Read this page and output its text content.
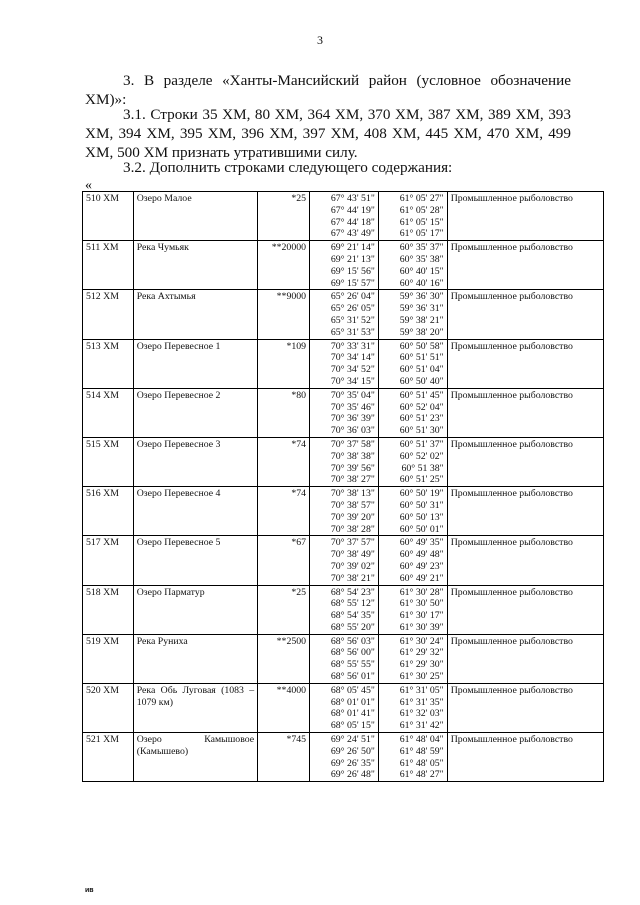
3
3. В разделе «Ханты-Мансийский район (условное обозначение ХМ)»:
3.1. Строки 35 ХМ, 80 ХМ, 364 ХМ, 370 ХМ, 387 ХМ, 389 ХМ, 393 ХМ, 394 ХМ, 395 ХМ, 396 ХМ, 397 ХМ, 408 ХМ, 445 ХМ, 470 ХМ, 499 ХМ, 500 ХМ признать утратившими силу.
3.2. Дополнить строками следующего содержания:
«
510 ХМ	Озеро Малое	*25	67° 43' 51"
67° 44' 19"
67° 44' 18"
67° 43' 49"	61° 05' 27"
61° 05' 28"
61° 05' 15"
61° 05' 17"	Промышленное рыболовство
511 ХМ	Река Чумьяк	**20000	69° 21' 14"
69° 21' 13"
69° 15' 56"
69° 15' 57"	60° 35' 37"
60° 35' 38"
60° 40' 15"
60° 40' 16"	Промышленное рыболовство
512 ХМ	Река Ахтымья	**9000	65° 26' 04"
65° 26' 05"
65° 31' 52"
65° 31' 53"	59° 36' 30"
59° 36' 31"
59° 38' 21"
59° 38' 20"	Промышленное рыболовство
513 ХМ	Озеро Перевесное 1	*109	70° 33' 31"
70° 34' 14"
70° 34' 52"
70° 34' 15"	60° 50' 58"
60° 51' 51"
60° 51' 04"
60° 50' 40"	Промышленное рыболовство
514 ХМ	Озеро Перевесное 2	*80	70° 35' 04"
70° 35' 46"
70° 36' 39"
70° 36' 03"	60° 51' 45"
60° 52' 04"
60° 51' 23"
60° 51' 30"	Промышленное рыболовство
515 ХМ	Озеро Перевесное 3	*74	70° 37' 58"
70° 38' 38"
70° 39' 56"
70° 38' 27"	60° 51' 37"
60° 52' 02"
60° 51 38"
60° 51' 25"	Промышленное рыболовство
516 ХМ	Озеро Перевесное 4	*74	70° 38' 13"
70° 38' 57"
70° 39' 20"
70° 38' 28"	60° 50' 19"
60° 50' 31"
60° 50' 13"
60° 50' 01"	Промышленное рыболовство
517 ХМ	Озеро Перевесное 5	*67	70° 37' 57"
70° 38' 49"
70° 39' 02"
70° 38' 21"	60° 49' 35"
60° 49' 48"
60° 49' 23"
60° 49' 21"	Промышленное рыболовство
518 ХМ	Озеро Парматур	*25	68° 54' 23"
68° 55' 12"
68° 54' 35"
68° 55' 20"	61° 30' 28"
61° 30' 50"
61° 30' 17"
61° 30' 39"	Промышленное рыболовство
519 ХМ	Река Руниха	**2500	68° 56' 03"
68° 56' 00"
68° 55' 55"
68° 56' 01"	61° 30' 24"
61° 29' 32"
61° 29' 30"
61° 30' 25"	Промышленное рыболовство
520 ХМ	Река Обь Луговая (1083 – 1079 км)	**4000	68° 05' 45"
68° 01' 01"
68° 01' 41"
68° 05' 15"	61° 31' 05"
61° 31' 35"
61° 32' 03"
61° 31' 42"	Промышленное рыболовство
521 ХМ	Озеро Камышовое (Камышево)	*745	69° 24' 51"
69° 26' 50"
69° 26' 35"
69° 26' 48"	61° 48' 04"
61° 48' 59"
61° 48' 05"
61° 48' 27"	Промышленное рыболовство
ив
